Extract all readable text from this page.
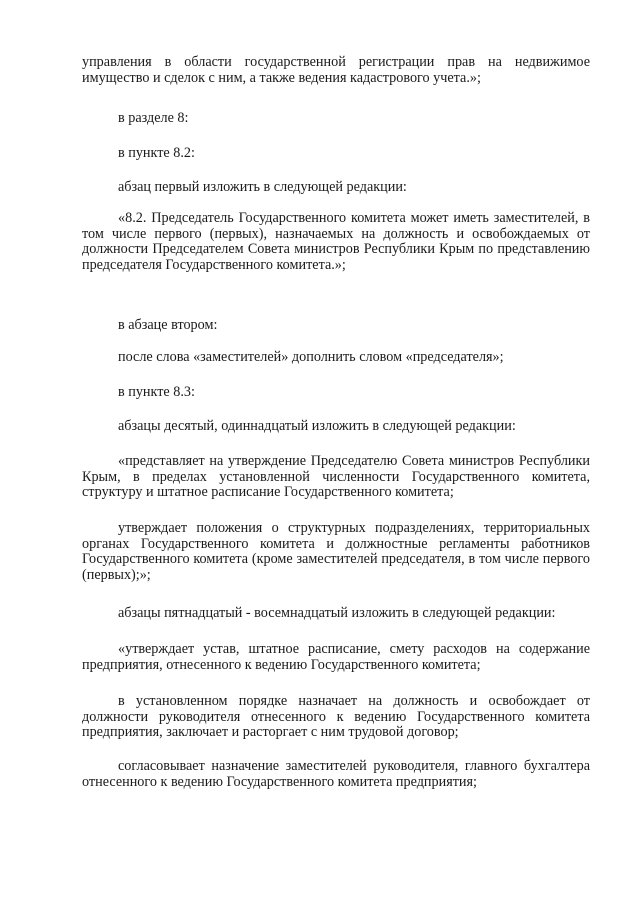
управления в области государственной регистрации прав на недвижимое имущество и сделок с ним, а также ведения кадастрового учета.»;

в разделе 8:

в пункте 8.2:

абзац первый изложить в следующей редакции:

«8.2. Председатель Государственного комитета может иметь заместителей, в том числе первого (первых), назначаемых на должность и освобождаемых от должности Председателем Совета министров Республики Крым по представлению председателя Государственного комитета.»;

в абзаце втором:

после слова «заместителей» дополнить словом «председателя»;

в пункте 8.3:

абзацы десятый, одиннадцатый изложить в следующей редакции:

«представляет на утверждение Председателю Совета министров Республики Крым, в пределах установленной численности Государственного комитета, структуру и штатное расписание Государственного комитета;

утверждает положения о структурных подразделениях, территориальных органах Государственного комитета и должностные регламенты работников Государственного комитета (кроме заместителей председателя, в том числе первого (первых);»;

абзацы пятнадцатый - восемнадцатый изложить в следующей редакции:

«утверждает устав, штатное расписание, смету расходов на содержание предприятия, отнесенного к ведению Государственного комитета;

в установленном порядке назначает на должность и освобождает от должности руководителя отнесенного к ведению Государственного комитета предприятия, заключает и расторгает с ним трудовой договор;

согласовывает назначение заместителей руководителя, главного бухгалтера отнесенного к ведению Государственного комитета предприятия;
